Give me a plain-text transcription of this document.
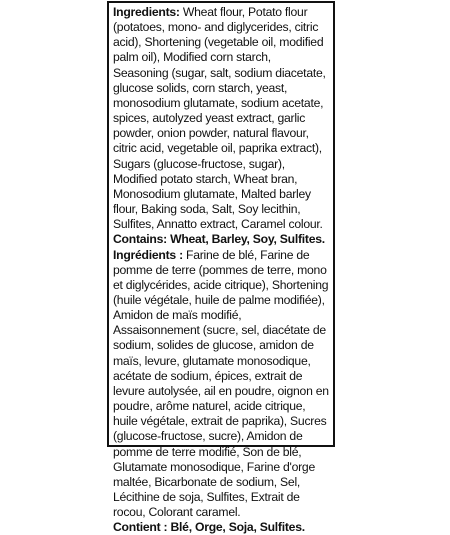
Ingredients: Wheat flour, Potato flour (potatoes, mono- and diglycerides, citric acid), Shortening (vegetable oil, modified palm oil), Modified corn starch, Seasoning (sugar, salt, sodium diacetate, glucose solids, corn starch, yeast, monosodium glutamate, sodium acetate, spices, autolyzed yeast extract, garlic powder, onion powder, natural flavour, citric acid, vegetable oil, paprika extract), Sugars (glucose-fructose, sugar), Modified potato starch, Wheat bran, Monosodium glutamate, Malted barley flour, Baking soda, Salt, Soy lecithin, Sulfites, Annatto extract, Caramel colour.

Contains: Wheat, Barley, Soy, Sulfites.

Ingrédients : Farine de blé, Farine de pomme de terre (pommes de terre, mono et diglycérides, acide citrique), Shortening (huile végétale, huile de palme modifiée), Amidon de maïs modifié, Assaisonnement (sucre, sel, diacétate de sodium, solides de glucose, amidon de maïs, levure, glutamate monosodique, acétate de sodium, épices, extrait de levure autolysée, ail en poudre, oignon en poudre, arôme naturel, acide citrique, huile végétale, extrait de paprika), Sucres (glucose-fructose, sucre), Amidon de pomme de terre modifié, Son de blé, Glutamate monosodique, Farine d'orge maltée, Bicarbonate de sodium, Sel, Lécithine de soja, Sulfites, Extrait de rocou, Colorant caramel.

Contient : Blé, Orge, Soja, Sulfites.
